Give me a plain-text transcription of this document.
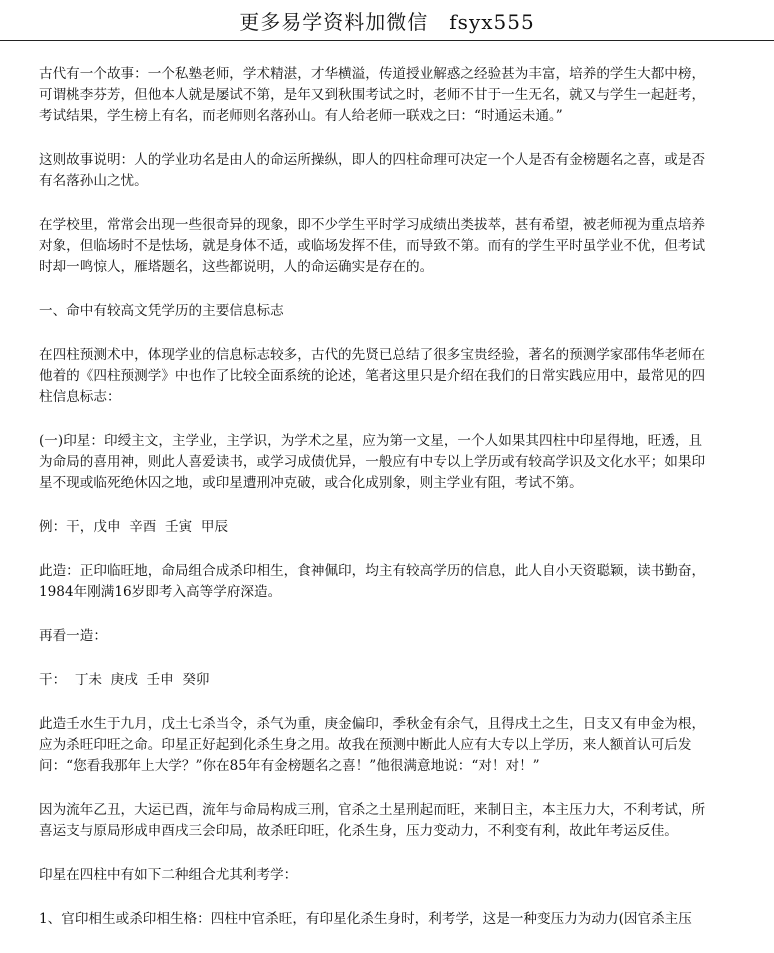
更多易学资料加微信　fsyx555

古代有一个故事：一个私塾老师，学术精湛，才华横溢，传道授业解惑之经验甚为丰富，培养的学生大都中榜，可谓桃李芬芳，但他本人就是屡试不第，是年又到秋围考试之时，老师不甘于一生无名，就又与学生一起赶考，考试结果，学生榜上有名，而老师则名落孙山。有人给老师一联戏之曰：“时通运未通。”

这则故事说明：人的学业功名是由人的命运所操纵，即人的四柱命理可决定一个人是否有金榜题名之喜，或是否有名落孙山之忧。

在学校里，常常会出现一些很奇异的现象，即不少学生平时学习成绩出类拔萃，甚有希望，被老师视为重点培养对象，但临场时不是怯场，就是身体不适，或临场发挥不佳，而导致不第。而有的学生平时虽学业不优，但考试时却一鸣惊人，雁塔题名，这些都说明，人的命运确实是存在的。

一、命中有较高文凭学历的主要信息标志

在四柱预测术中，体现学业的信息标志较多，古代的先贤已总结了很多宝贵经验，著名的预测学家邵伟华老师在他着的《四柱预测学》中也作了比较全面系统的论述，笔者这里只是介绍在我们的日常实践应用中，最常见的四柱信息标志：

(一)印星：印绶主文，主学业，主学识，为学术之星，应为第一文星，一个人如果其四柱中印星得地，旺透，且为命局的喜用神，则此人喜爱读书，或学习成债优异，一般应有中专以上学历或有较高学识及文化水平；如果印星不现或临死绝休囚之地，或印星遭刑冲克破，或合化成别象，则主学业有阻，考试不第。

例：干，戊申  辛酉  壬寅  甲辰

此造：正印临旺地，命局组合成杀印相生，食神佩印，均主有较高学历的信息，此人自小天资聪颖，读书勤奋，1984年刚满16岁即考入高等学府深造。

再看一造：

干：  丁未  庚戌  壬申  癸卯

此造壬水生于九月，戊土七杀当令，杀气为重，庚金偏印，季秋金有余气，且得戌土之生，日支又有申金为根，应为杀旺印旺之命。印星正好起到化杀生身之用。故我在预测中断此人应有大专以上学历，来人额首认可后发问：“您看我那年上大学？”你在85年有金榜题名之喜！”他很满意地说：“对！对！”

因为流年乙丑，大运已酉，流年与命局构成三刑，官杀之土星刑起而旺，来制日主，本主压力大，不利考试，所喜运支与原局形成申酉戌三会印局，故杀旺印旺，化杀生身，压力变动力，不利变有利，故此年考运反佳。

印星在四柱中有如下二种组合尤其利考学：

1、官印相生或杀印相生格：四柱中官杀旺，有印星化杀生身时，利考学，这是一种变压力为动力(因官杀主压
